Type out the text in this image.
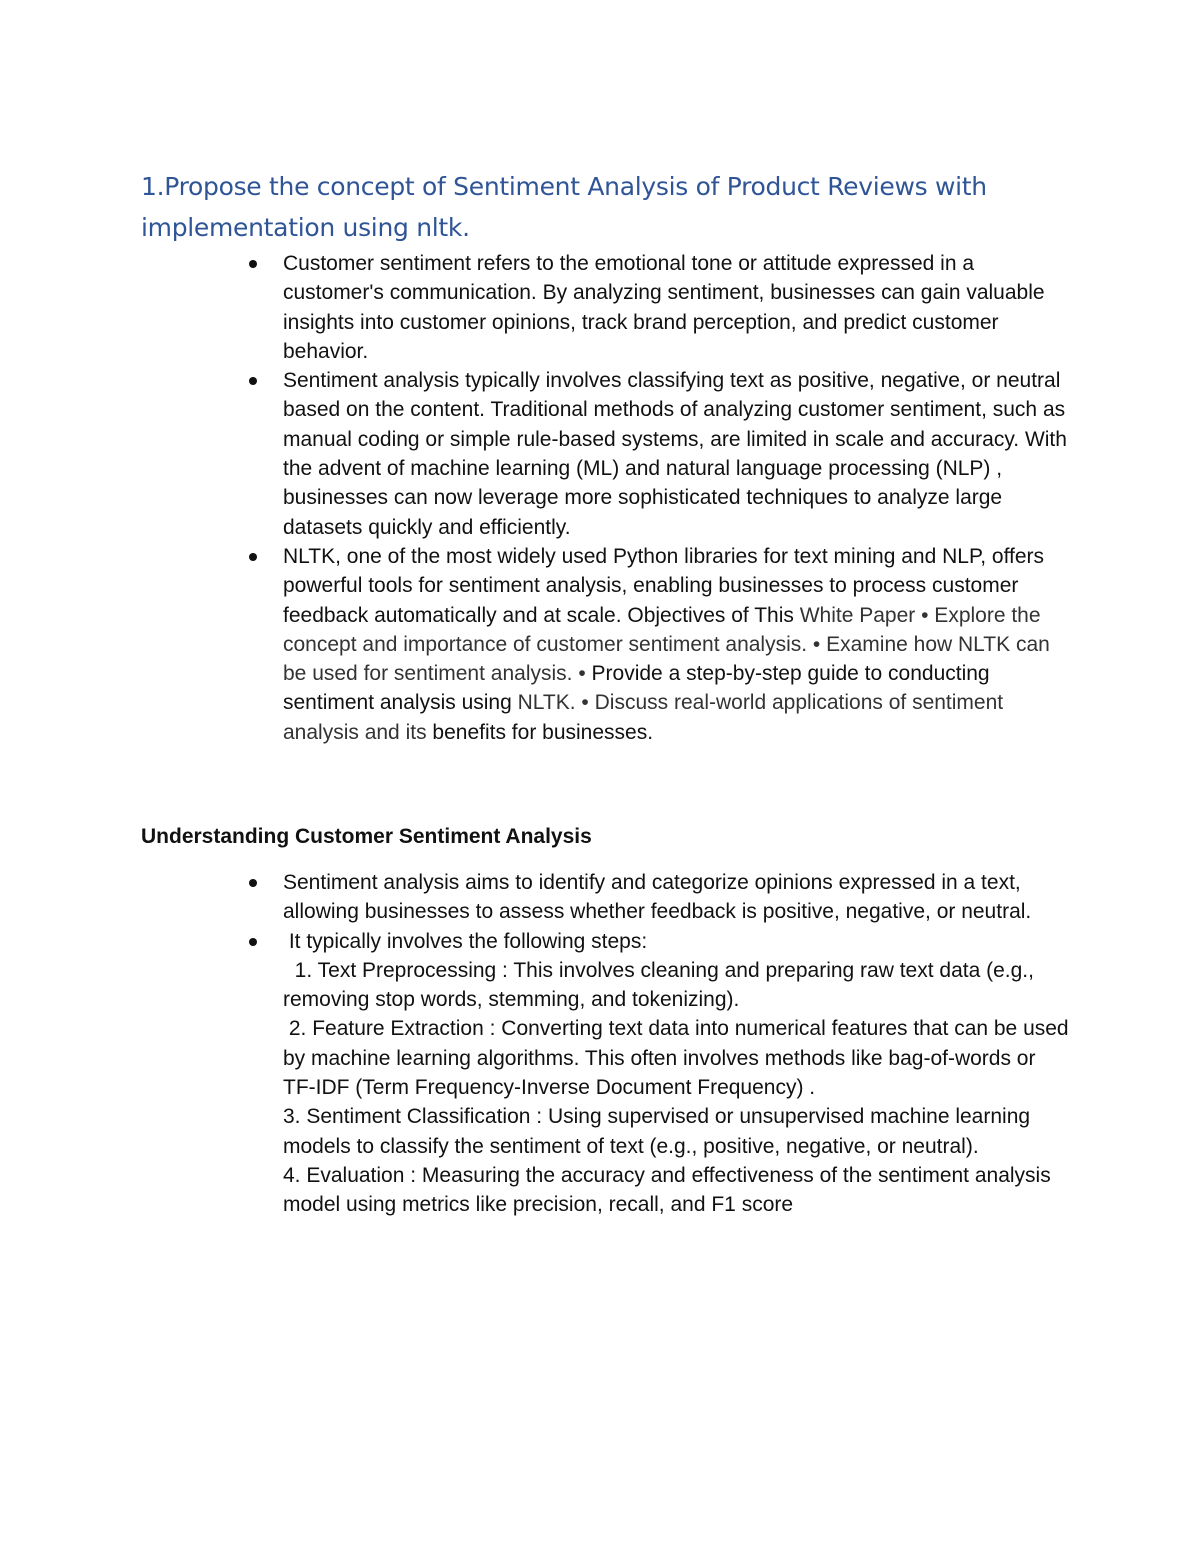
1.Propose the concept of Sentiment Analysis of Product Reviews with implementation using nltk.
Customer sentiment refers to the emotional tone or attitude expressed in a customer's communication. By analyzing sentiment, businesses can gain valuable insights into customer opinions, track brand perception, and predict customer behavior.
Sentiment analysis typically involves classifying text as positive, negative, or neutral based on the content. Traditional methods of analyzing customer sentiment, such as manual coding or simple rule-based systems, are limited in scale and accuracy. With the advent of machine learning (ML) and natural language processing (NLP) , businesses can now leverage more sophisticated techniques to analyze large datasets quickly and efficiently.
NLTK, one of the most widely used Python libraries for text mining and NLP, offers powerful tools for sentiment analysis, enabling businesses to process customer feedback automatically and at scale. Objectives of This White Paper • Explore the concept and importance of customer sentiment analysis. • Examine how NLTK can be used for sentiment analysis. • Provide a step-by-step guide to conducting sentiment analysis using NLTK. • Discuss real-world applications of sentiment analysis and its benefits for businesses.
Understanding Customer Sentiment Analysis
Sentiment analysis aims to identify and categorize opinions expressed in a text, allowing businesses to assess whether feedback is positive, negative, or neutral.
It typically involves the following steps:
1. Text Preprocessing : This involves cleaning and preparing raw text data (e.g., removing stop words, stemming, and tokenizing).
2. Feature Extraction : Converting text data into numerical features that can be used by machine learning algorithms. This often involves methods like bag-of-words or TF-IDF (Term Frequency-Inverse Document Frequency) .
3. Sentiment Classification : Using supervised or unsupervised machine learning models to classify the sentiment of text (e.g., positive, negative, or neutral).
4. Evaluation : Measuring the accuracy and effectiveness of the sentiment analysis model using metrics like precision, recall, and F1 score
